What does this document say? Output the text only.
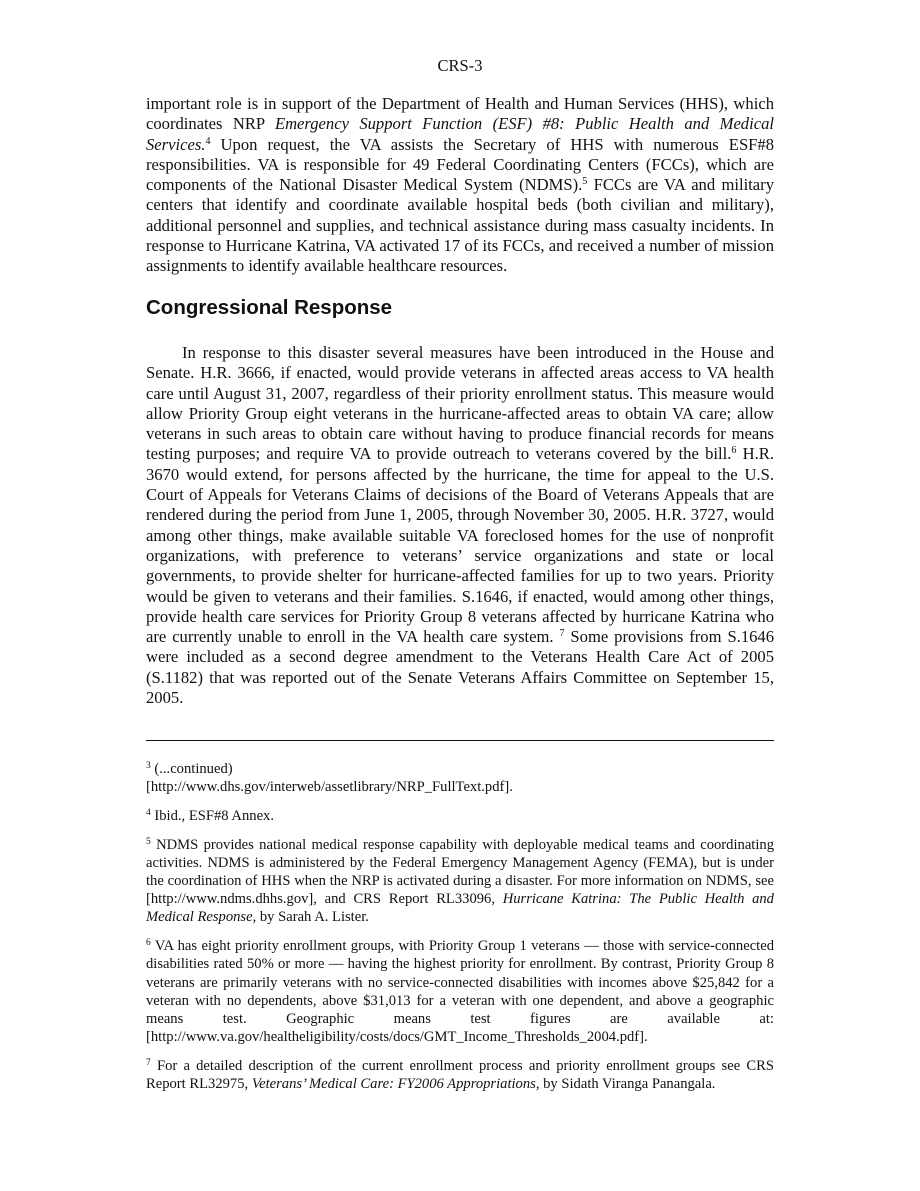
CRS-3

important role is in support of the Department of Health and Human Services (HHS), which coordinates NRP Emergency Support Function (ESF) #8: Public Health and Medical Services.$^4$ Upon request, the VA assists the Secretary of HHS with numerous ESF#8 responsibilities. VA is responsible for 49 Federal Coordinating Centers (FCCs), which are components of the National Disaster Medical System (NDMS).$^5$ FCCs are VA and military centers that identify and coordinate available hospital beds (both civilian and military), additional personnel and supplies, and technical assistance during mass casualty incidents. In response to Hurricane Katrina, VA activated 17 of its FCCs, and received a number of mission assignments to identify available healthcare resources.

Congressional Response

In response to this disaster several measures have been introduced in the House and Senate. H.R. 3666, if enacted, would provide veterans in affected areas access to VA health care until August 31, 2007, regardless of their priority enrollment status. This measure would allow Priority Group eight veterans in the hurricane-affected areas to obtain VA care; allow veterans in such areas to obtain care without having to produce financial records for means testing purposes; and require VA to provide outreach to veterans covered by the bill.$^6$ H.R. 3670 would extend, for persons affected by the hurricane, the time for appeal to the U.S. Court of Appeals for Veterans Claims of decisions of the Board of Veterans Appeals that are rendered during the period from June 1, 2005, through November 30, 2005. H.R. 3727, would among other things, make available suitable VA foreclosed homes for the use of nonprofit organizations, with preference to veterans’ service organizations and state or local governments, to provide shelter for hurricane-affected families for up to two years. Priority would be given to veterans and their families. S.1646, if enacted, would among other things, provide health care services for Priority Group 8 veterans affected by hurricane Katrina who are currently unable to enroll in the VA health care system. $^7$ Some provisions from S.1646 were included as a second degree amendment to the Veterans Health Care Act of 2005 (S.1182) that was reported out of the Senate Veterans Affairs Committee on September 15, 2005.

$^3$ (...continued)
[http://www.dhs.gov/interweb/assetlibrary/NRP_FullText.pdf].

$^4$ Ibid., ESF#8 Annex.

$^5$ NDMS provides national medical response capability with deployable medical teams and coordinating activities. NDMS is administered by the Federal Emergency Management Agency (FEMA), but is under the coordination of HHS when the NRP is activated during a disaster. For more information on NDMS, see [http://www.ndms.dhhs.gov], and CRS Report RL33096, Hurricane Katrina: The Public Health and Medical Response, by Sarah A. Lister.

$^6$ VA has eight priority enrollment groups, with Priority Group 1 veterans — those with service-connected disabilities rated 50% or more — having the highest priority for enrollment. By contrast, Priority Group 8 veterans are primarily veterans with no service-connected disabilities with incomes above $25,842 for a veteran with no dependents, above $31,013 for a veteran with one dependent, and above a geographic means test. Geographic means test figures are available at: [http://www.va.gov/healtheligibility/costs/docs/GMT_Income_Thresholds_2004.pdf].

$^7$ For a detailed description of the current enrollment process and priority enrollment groups see CRS Report RL32975, Veterans’ Medical Care: FY2006 Appropriations, by Sidath Viranga Panangala.
